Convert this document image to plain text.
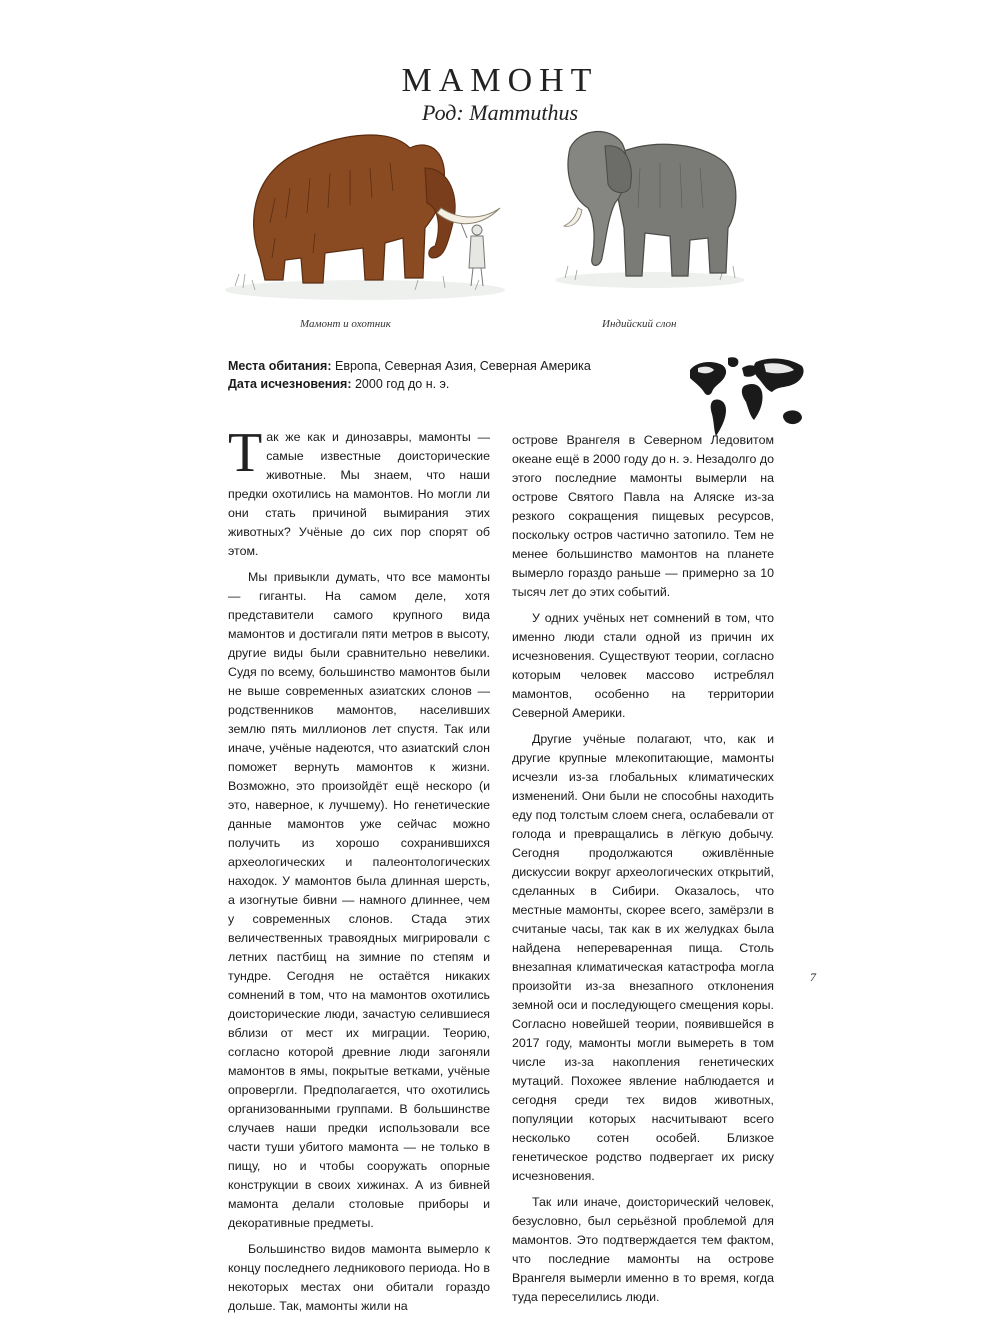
МАМОНТ
Род: Mammuthus
Мамонт и охотник	Индийский слон
Места обитания: Европа, Северная Азия, Северная Америка
Дата исчезновения: 2000 год до н. э.

Так же как и динозавры, мамонты — самые известные доисторические животные. Мы знаем, что наши предки охотились на мамонтов. Но могли ли они стать причиной вымирания этих животных? Учёные до сих пор спорят об этом.

Мы привыкли думать, что все мамонты — гиганты. На самом деле, хотя представители самого крупного вида мамонтов и достигали пяти метров в высоту, другие виды были сравнительно невелики. Судя по всему, большинство мамонтов были не выше современных азиатских слонов — родственников мамонтов, населивших землю пять миллионов лет спустя. Так или иначе, учёные надеются, что азиатский слон поможет вернуть мамонтов к жизни. Возможно, это произойдёт ещё нескоро (и это, наверное, к лучшему). Но генетические данные мамонтов уже сейчас можно получить из хорошо сохранившихся археологических и палеонтологических находок. У мамонтов была длинная шерсть, а изогнутые бивни — намного длиннее, чем у современных слонов. Стада этих величественных травоядных мигрировали с летних пастбищ на зимние по степям и тундре. Сегодня не остаётся никаких сомнений в том, что на мамонтов охотились доисторические люди, зачастую селившиеся вблизи от мест их миграции. Теорию, согласно которой древние люди загоняли мамонтов в ямы, покрытые ветками, учёные опровергли. Предполагается, что охотились организованными группами. В большинстве случаев наши предки использовали все части туши убитого мамонта — не только в пищу, но и чтобы сооружать опорные конструкции в своих хижинах. А из бивней мамонта делали столовые приборы и декоративные предметы.

Большинство видов мамонта вымерло к концу последнего ледникового периода. Но в некоторых местах они обитали гораздо дольше. Так, мамонты жили на

острове Врангеля в Северном Ледовитом океане ещё в 2000 году до н. э. Незадолго до этого последние мамонты вымерли на острове Святого Павла на Аляске из-за резкого сокращения пищевых ресурсов, поскольку остров частично затопило. Тем не менее большинство мамонтов на планете вымерло гораздо раньше — примерно за 10 тысяч лет до этих событий.

У одних учёных нет сомнений в том, что именно люди стали одной из причин их исчезновения. Существуют теории, согласно которым человек массово истреблял мамонтов, особенно на территории Северной Америки.

Другие учёные полагают, что, как и другие крупные млекопитающие, мамонты исчезли из-за глобальных климатических изменений. Они были не способны находить еду под толстым слоем снега, ослабевали от голода и превращались в лёгкую добычу. Сегодня продолжаются оживлённые дискуссии вокруг археологических открытий, сделанных в Сибири. Оказалось, что местные мамонты, скорее всего, замёрзли в считаные часы, так как в их желудках была найдена непереваренная пища. Столь внезапная климатическая катастрофа могла произойти из-за внезапного отклонения земной оси и последующего смещения коры. Согласно новейшей теории, появившейся в 2017 году, мамонты могли вымереть в том числе из-за накопления генетических мутаций. Похожее явление наблюдается и сегодня среди тех видов животных, популяции которых насчитывают всего несколько сотен особей. Близкое генетическое родство подвергает их риску исчезновения.

Так или иначе, доисторический человек, безусловно, был серьёзной проблемой для мамонтов. Это подтверждается тем фактом, что последние мамонты на острове Врангеля вымерли именно в то время, когда туда переселились люди.

7
